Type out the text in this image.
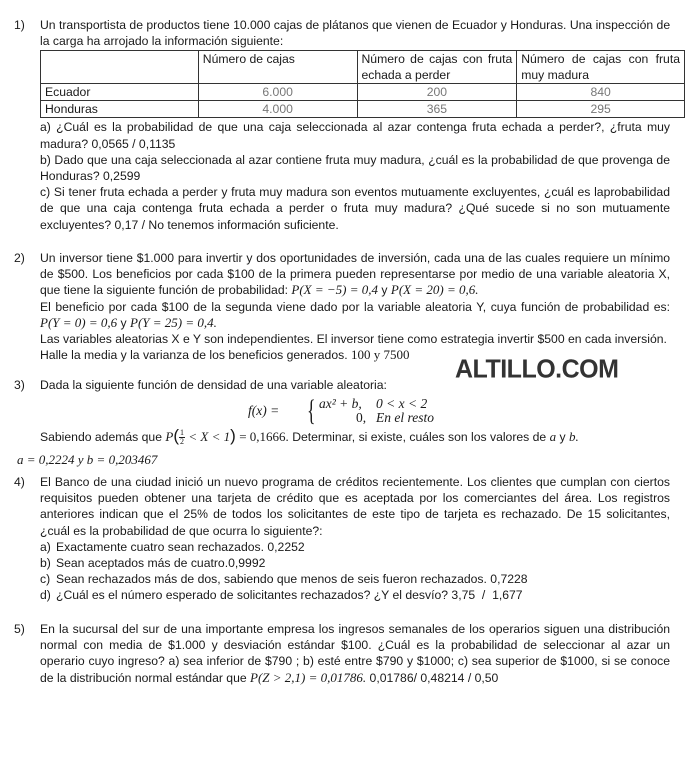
1)	Un transportista de productos tiene 10.000 cajas de plátanos que vienen de Ecuador y Honduras. Una inspección de
la carga ha arrojado la información siguiente:
	Número de cajas	Número de cajas con fruta echada a perder	Número de cajas con fruta muy madura
Ecuador	6.000	200	840
Honduras	4.000	365	295
a) ¿Cuál es la probabilidad de que una caja seleccionada al azar contenga fruta echada a perder?, ¿fruta muy madura? 0,0565 / 0,1135
b) Dado que una caja seleccionada al azar contiene fruta muy madura, ¿cuál es la probabilidad de que provenga de Honduras? 0,2599
c) Si tener fruta echada a perder y fruta muy madura son eventos mutuamente excluyentes, ¿cuál es laprobabilidad de que una caja contenga fruta echada a perder o fruta muy madura? ¿Qué sucede si no son mutuamente excluyentes? 0,17 / No tenemos información suficiente.
2)	Un inversor tiene $1.000 para invertir y dos oportunidades de inversión, cada una de las cuales requiere un mínimo de $500. Los beneficios por cada $100 de la primera pueden representarse por medio de una variable aleatoria X, que tiene la siguiente función de probabilidad: P(X = −5) = 0,4 y P(X = 20) = 0,6.
El beneficio por cada $100 de la segunda viene dado por la variable aleatoria Y, cuya función de probabilidad es: P(Y = 0) = 0,6 y P(Y = 25) = 0,4.
Las variables aleatorias X e Y son independientes. El inversor tiene como estrategia invertir $500 en cada inversión.
Halle la media y la varianza de los beneficios generados. 100 y 7500	ALTILLO.COM
3)	Dada la siguiente función de densidad de una variable aleatoria:
f(x) = { ax² + b, 0 < x < 2
0, En el resto
Sabiendo además que $P( \frac{1}{2} < X < 1) = 0,1666$. Determinar, si existe, cuáles son los valores de a y b.
a = 0,2224 y b = 0,203467
4)	El Banco de una ciudad inició un nuevo programa de créditos recientemente. Los clientes que cumplan con ciertos requisitos pueden obtener una tarjeta de crédito que es aceptada por los comerciantes del área. Los registros anteriores indican que el 25% de todos los solicitantes de este tipo de tarjeta es rechazado. De 15 solicitantes, ¿cuál es la probabilidad de que ocurra lo siguiente?:
a) Exactamente cuatro sean rechazados. 0,2252
b) Sean aceptados más de cuatro.0,9992
c) Sean rechazados más de dos, sabiendo que menos de seis fueron rechazados. 0,7228
d) ¿Cuál es el número esperado de solicitantes rechazados? ¿Y el desvío? 3,75  /  1,677
5)	En la sucursal del sur de una importante empresa los ingresos semanales de los operarios siguen una distribución normal con media de $1.000 y desviación estándar $100. ¿Cuál es la probabilidad de seleccionar al azar un operario cuyo ingreso? a) sea inferior de $790 ; b) esté entre $790 y $1000; c) sea superior de $1000, si se conoce de la distribución normal estándar que P(Z > 2,1) = 0,01786. 0,01786/ 0,48214 / 0,50
